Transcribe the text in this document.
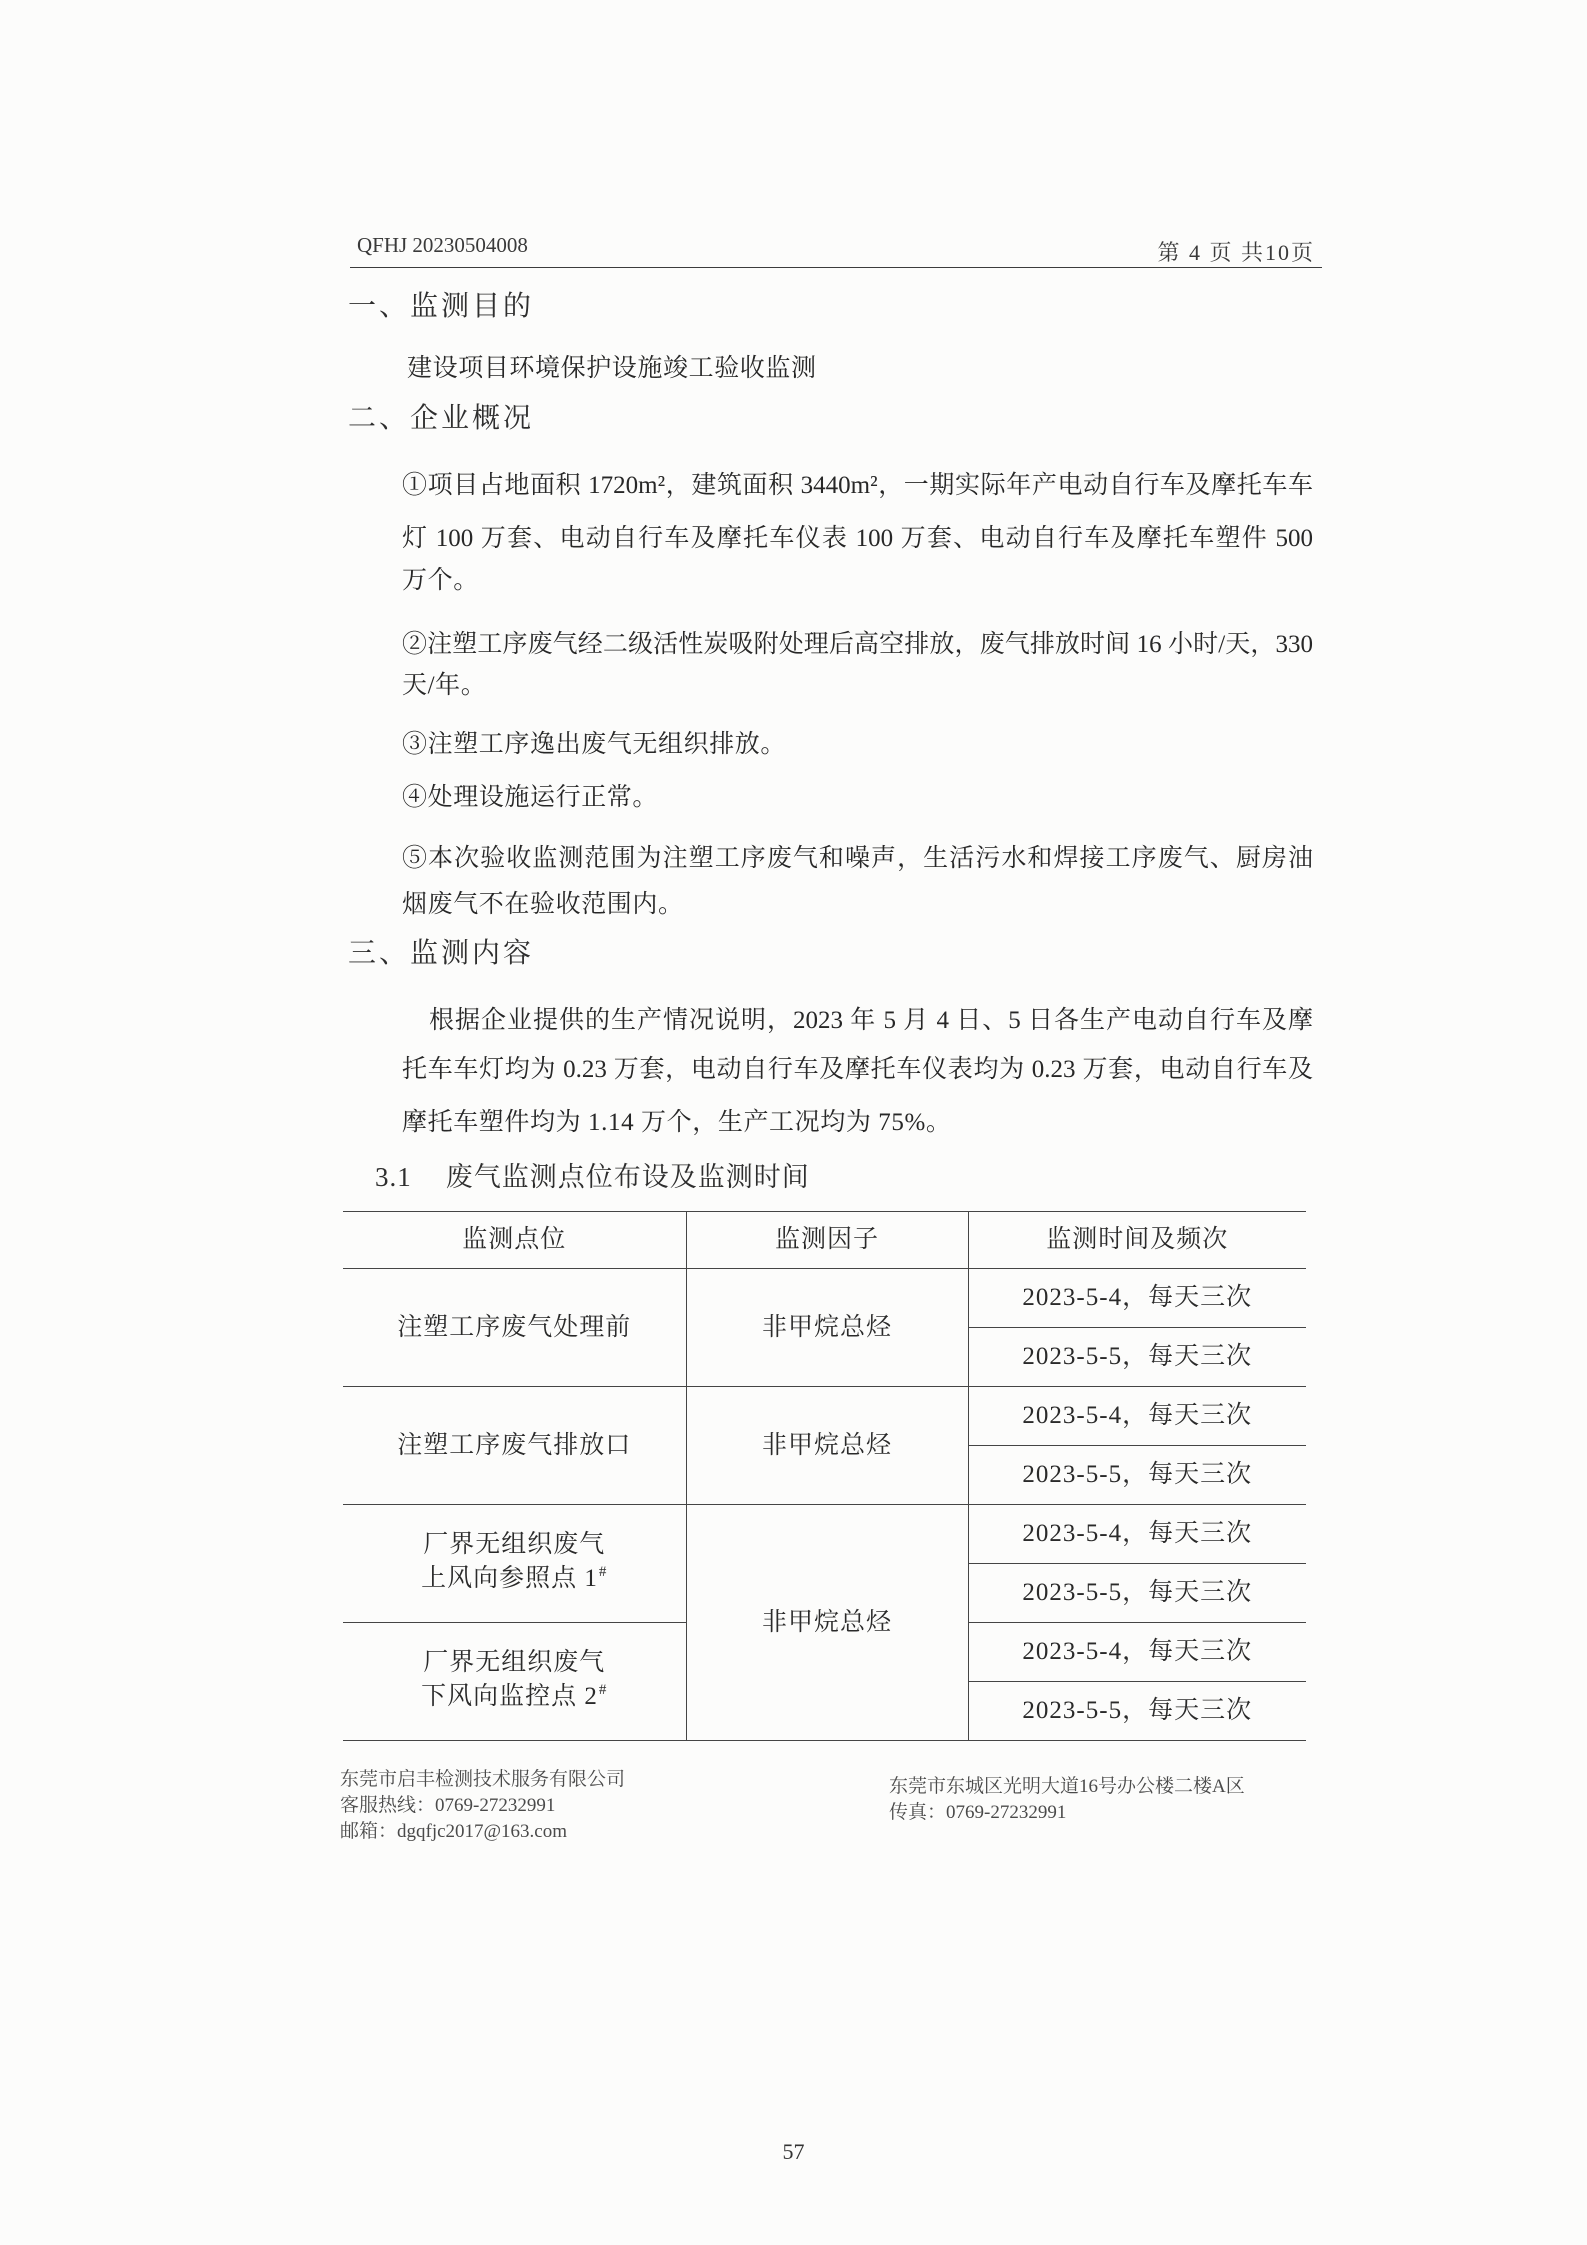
QFHJ 20230504008	第 4 页 共10页
一、监测目的
建设项目环境保护设施竣工验收监测
二、企业概况
①项目占地面积 1720m²，建筑面积 3440m²，一期实际年产电动自行车及摩托车车
灯 100 万套、电动自行车及摩托车仪表 100 万套、电动自行车及摩托车塑件 500
万个。
②注塑工序废气经二级活性炭吸附处理后高空排放，废气排放时间 16 小时/天，330
天/年。
③注塑工序逸出废气无组织排放。
④处理设施运行正常。
⑤本次验收监测范围为注塑工序废气和噪声，生活污水和焊接工序废气、厨房油
烟废气不在验收范围内。
三、监测内容
根据企业提供的生产情况说明，2023 年 5 月 4 日、5 日各生产电动自行车及摩
托车车灯均为 0.23 万套，电动自行车及摩托车仪表均为 0.23 万套，电动自行车及
摩托车塑件均为 1.14 万个，生产工况均为 75%。
3.1 废气监测点位布设及监测时间
监测点位	监测因子	监测时间及频次

注塑工序废气处理前	非甲烷总烃	2023-5-4，每天三次
		2023-5-5，每天三次

注塑工序废气排放口	非甲烷总烃	2023-5-4，每天三次
		2023-5-5，每天三次

厂界无组织废气
上风向参照点 1#	非甲烷总烃	2023-5-4，每天三次
		2023-5-5，每天三次

厂界无组织废气
下风向监控点 2#		2023-5-4，每天三次
		2023-5-5，每天三次
东莞市启丰检测技术服务有限公司
客服热线：0769-27232991
邮箱：dgqfjc2017@163.com
东莞市东城区光明大道16号办公楼二楼A区
传真：0769-27232991
57
